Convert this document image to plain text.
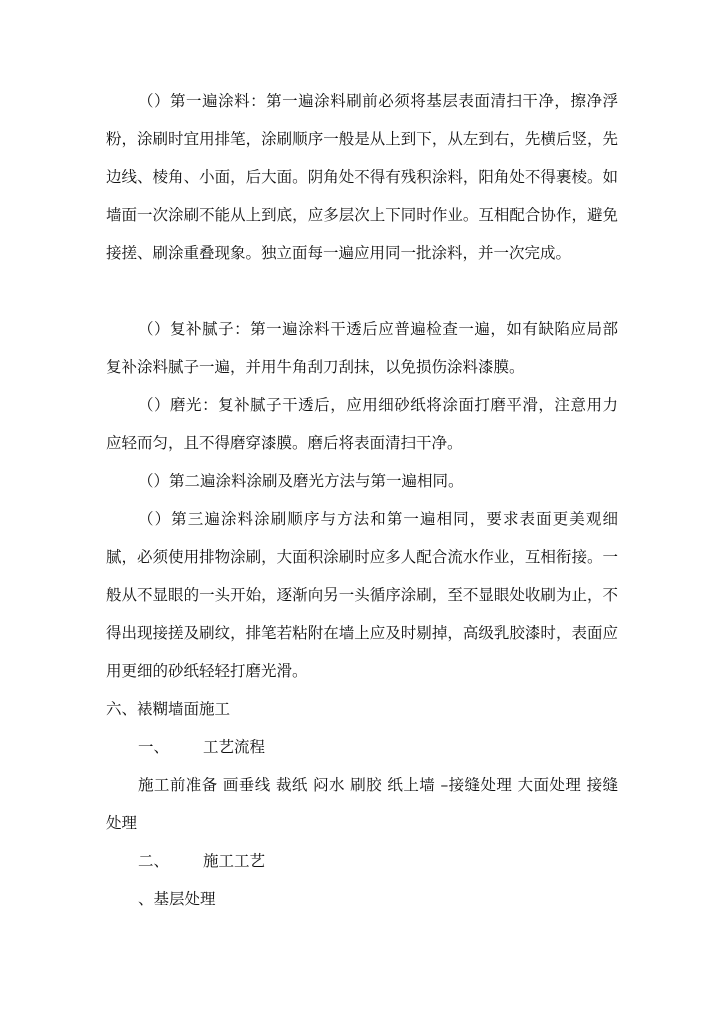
（）第一遍涂料：第一遍涂料刷前必须将基层表面清扫干净，擦净浮粉，涂刷时宜用排笔，涂刷顺序一般是从上到下，从左到右，先横后竖，先边线、棱角、小面，后大面。阴角处不得有残积涂料，阳角处不得裹棱。如墙面一次涂刷不能从上到底，应多层次上下同时作业。互相配合协作，避免接搓、刷涂重叠现象。独立面每一遍应用同一批涂料，并一次完成。

（）复补腻子：第一遍涂料干透后应普遍检查一遍，如有缺陷应局部复补涂料腻子一遍，并用牛角刮刀刮抹，以免损伤涂料漆膜。

（）磨光：复补腻子干透后，应用细砂纸将涂面打磨平滑，注意用力应轻而匀，且不得磨穿漆膜。磨后将表面清扫干净。

（）第二遍涂料涂刷及磨光方法与第一遍相同。

（）第三遍涂料涂刷顺序与方法和第一遍相同，要求表面更美观细腻，必须使用排物涂刷，大面积涂刷时应多人配合流水作业，互相衔接。一般从不显眼的一头开始，逐渐向另一头循序涂刷，至不显眼处收刷为止，不得出现接搓及刷纹，排笔若粘附在墙上应及时剔掉，高级乳胶漆时，表面应用更细的砂纸轻轻打磨光滑。

六、裱糊墙面施工

一、 工艺流程

施工前准备 画垂线 裁纸 闷水 刷胶 纸上墙 –接缝处理 大面处理 接缝处理

二、 施工工艺

、基层处理
